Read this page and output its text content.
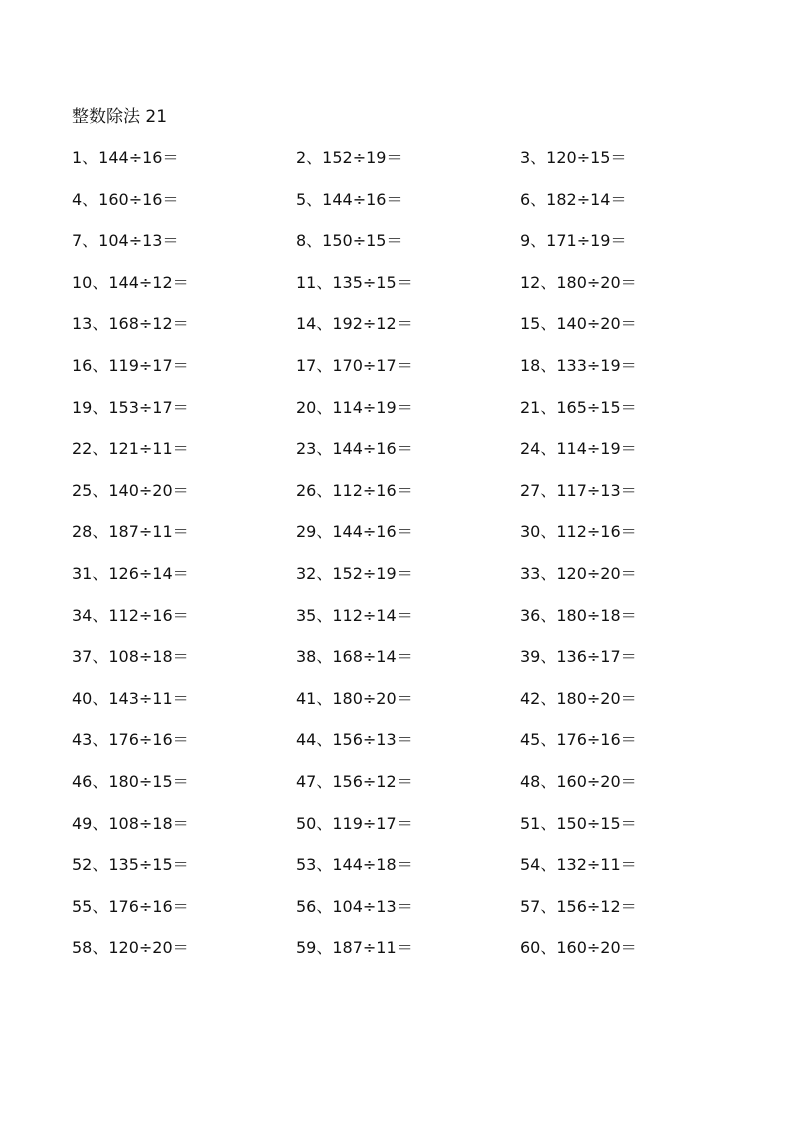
整数除法 21
1、144÷16＝	2、152÷19＝	3、120÷15＝
4、160÷16＝	5、144÷16＝	6、182÷14＝
7、104÷13＝	8、150÷15＝	9、171÷19＝
10、144÷12＝	11、135÷15＝	12、180÷20＝
13、168÷12＝	14、192÷12＝	15、140÷20＝
16、119÷17＝	17、170÷17＝	18、133÷19＝
19、153÷17＝	20、114÷19＝	21、165÷15＝
22、121÷11＝	23、144÷16＝	24、114÷19＝
25、140÷20＝	26、112÷16＝	27、117÷13＝
28、187÷11＝	29、144÷16＝	30、112÷16＝
31、126÷14＝	32、152÷19＝	33、120÷20＝
34、112÷16＝	35、112÷14＝	36、180÷18＝
37、108÷18＝	38、168÷14＝	39、136÷17＝
40、143÷11＝	41、180÷20＝	42、180÷20＝
43、176÷16＝	44、156÷13＝	45、176÷16＝
46、180÷15＝	47、156÷12＝	48、160÷20＝
49、108÷18＝	50、119÷17＝	51、150÷15＝
52、135÷15＝	53、144÷18＝	54、132÷11＝
55、176÷16＝	56、104÷13＝	57、156÷12＝
58、120÷20＝	59、187÷11＝	60、160÷20＝
